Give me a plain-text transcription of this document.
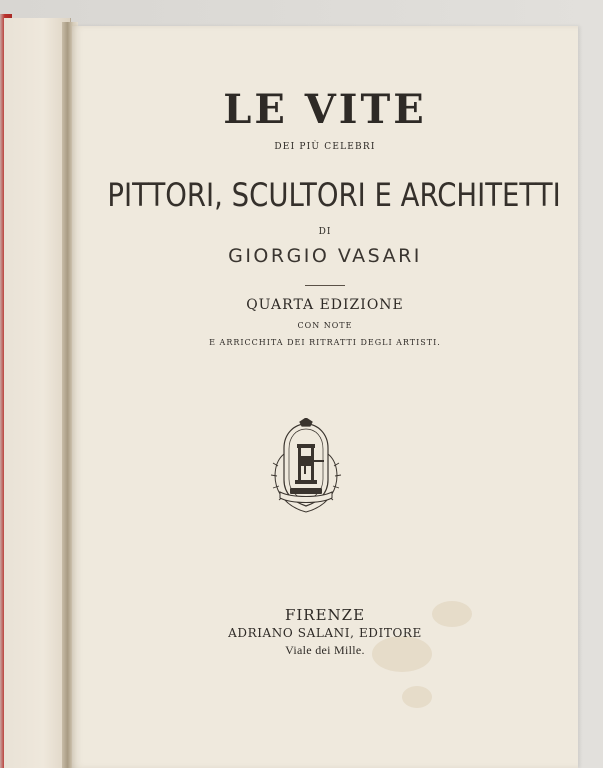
LE VITE
DEI PIÙ CELEBRI
PITTORI, SCULTORI E ARCHITETTI
DI
GIORGIO VASARI
QUARTA EDIZIONE
CON NOTE
E ARRICCHITA DEI RITRATTI DEGLI ARTISTI.
FIRENZE
ADRIANO SALANI, EDITORE
Viale dei Mille.
